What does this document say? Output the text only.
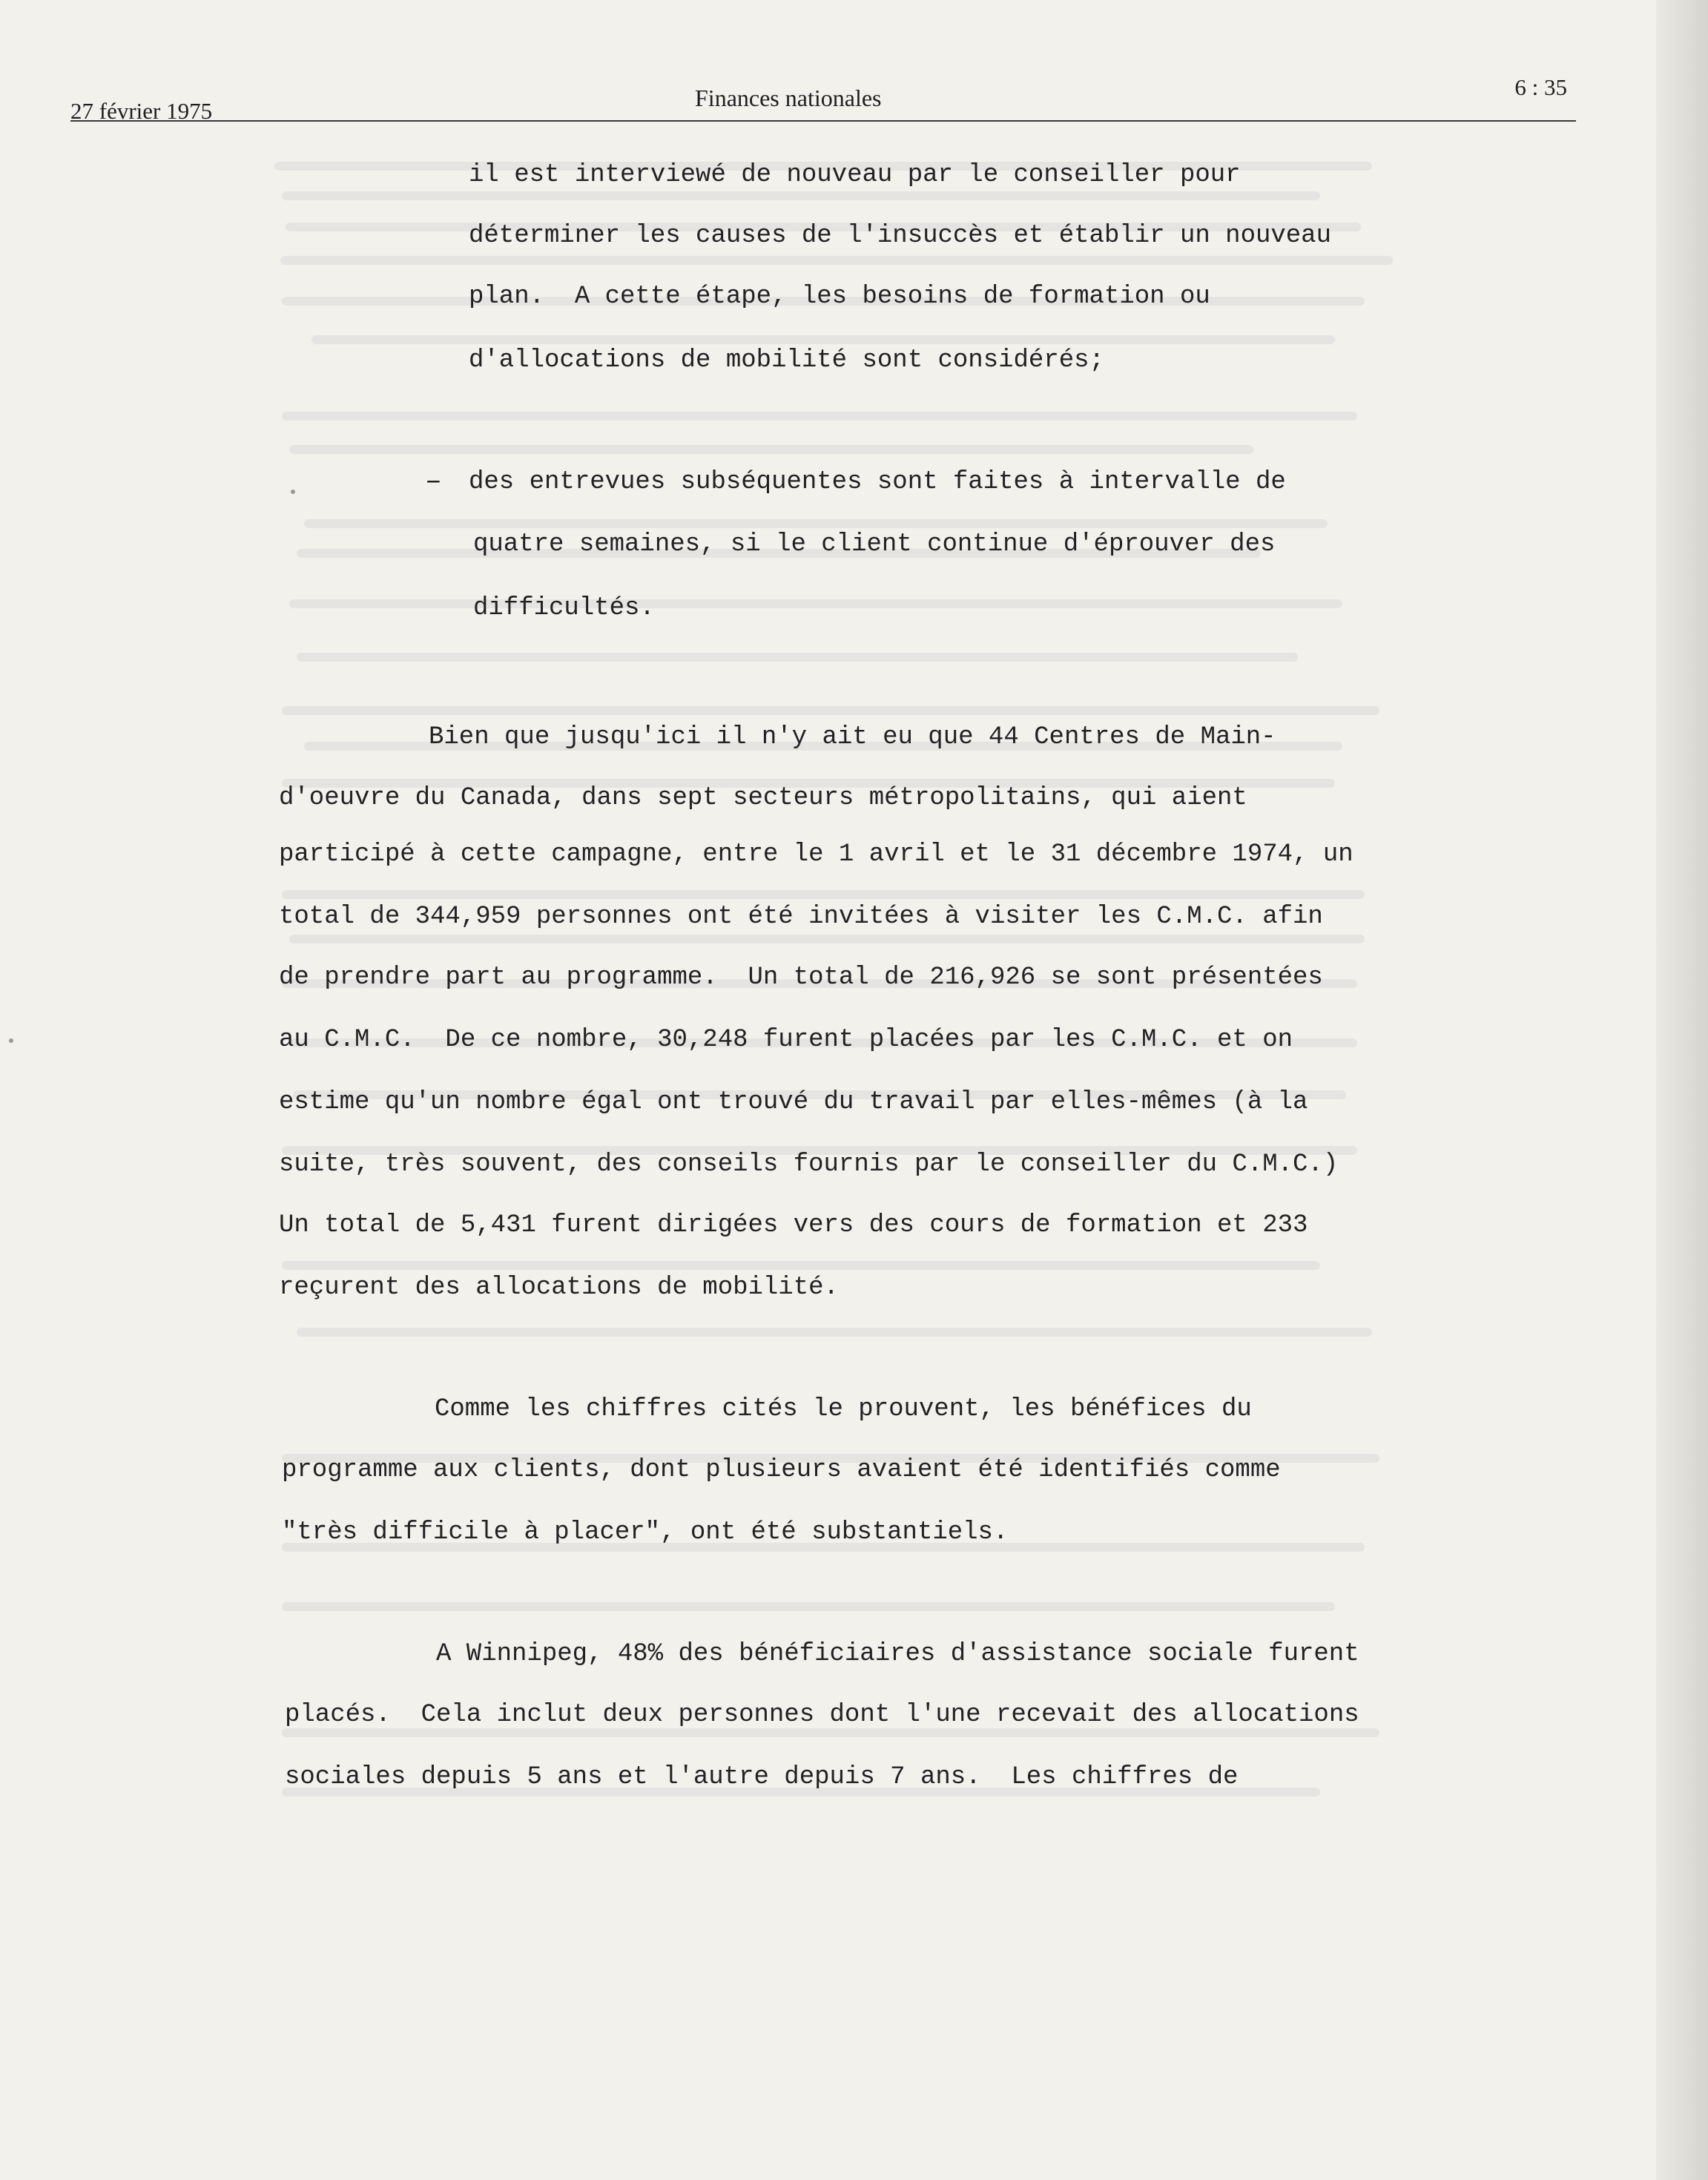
27 février 1975	Finances nationales	6 : 35
il est interviewé de nouveau par le conseiller pour
déterminer les causes de l'insuccès et établir un nouveau
plan.  A cette étape, les besoins de formation ou
d'allocations de mobilité sont considérés;
– des entrevues subséquentes sont faites à intervalle de
quatre semaines, si le client continue d'éprouver des
difficultés.
Bien que jusqu'ici il n'y ait eu que 44 Centres de Main-
d'oeuvre du Canada, dans sept secteurs métropolitains, qui aient
participé à cette campagne, entre le 1 avril et le 31 décembre 1974, un
total de 344,959 personnes ont été invitées à visiter les C.M.C. afin
de prendre part au programme.  Un total de 216,926 se sont présentées
au C.M.C.  De ce nombre, 30,248 furent placées par les C.M.C. et on
estime qu'un nombre égal ont trouvé du travail par elles-mêmes (à la
suite, très souvent, des conseils fournis par le conseiller du C.M.C.)
Un total de 5,431 furent dirigées vers des cours de formation et 233
reçurent des allocations de mobilité.
Comme les chiffres cités le prouvent, les bénéfices du
programme aux clients, dont plusieurs avaient été identifiés comme
"très difficile à placer", ont été substantiels.
A Winnipeg, 48% des bénéficiaires d'assistance sociale furent
placés.  Cela inclut deux personnes dont l'une recevait des allocations
sociales depuis 5 ans et l'autre depuis 7 ans.  Les chiffres de
